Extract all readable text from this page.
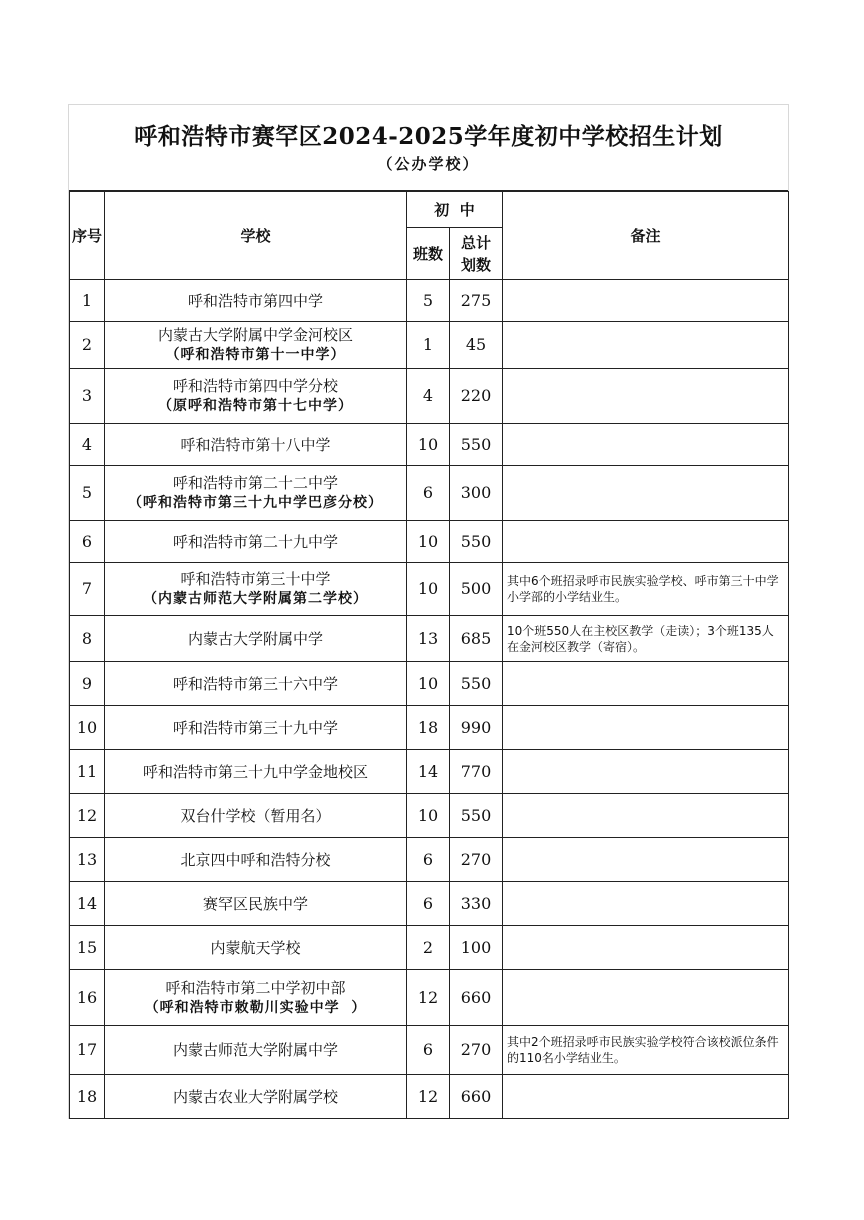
呼和浩特市赛罕区2024-2025学年度初中学校招生计划
（公办学校）
序号	学校	初  中		备注
		班数	总计
划数	
1	呼和浩特市第四中学	5	275	
2	内蒙古大学附属中学金河校区
（呼和浩特市第十一中学）	1	45	
3	呼和浩特市第四中学分校
（原呼和浩特市第十七中学）	4	220	
4	呼和浩特市第十八中学	10	550	
5	呼和浩特市第二十二中学
（呼和浩特市第三十九中学巴彦分校）	6	300	
6	呼和浩特市第二十九中学	10	550	
7	呼和浩特市第三十中学
（内蒙古师范大学附属第二学校）	10	500	其中6个班招录呼市民族实验学校、呼市第三十中学小学部的小学结业生。
8	内蒙古大学附属中学	13	685	10个班550人在主校区教学（走读）；3个班135人在金河校区教学（寄宿）。
9	呼和浩特市第三十六中学	10	550	
10	呼和浩特市第三十九中学	18	990	
11	呼和浩特市第三十九中学金地校区	14	770	
12	双台什学校（暂用名）	10	550	
13	北京四中呼和浩特分校	6	270	
14	赛罕区民族中学	6	330	
15	内蒙航天学校	2	100	
16	呼和浩特市第二中学初中部
（呼和浩特市敕勒川实验中学  ）	12	660	
17	内蒙古师范大学附属中学	6	270	其中2个班招录呼市民族实验学校符合该校派位条件的110名小学结业生。
18	内蒙古农业大学附属学校	12	660	
